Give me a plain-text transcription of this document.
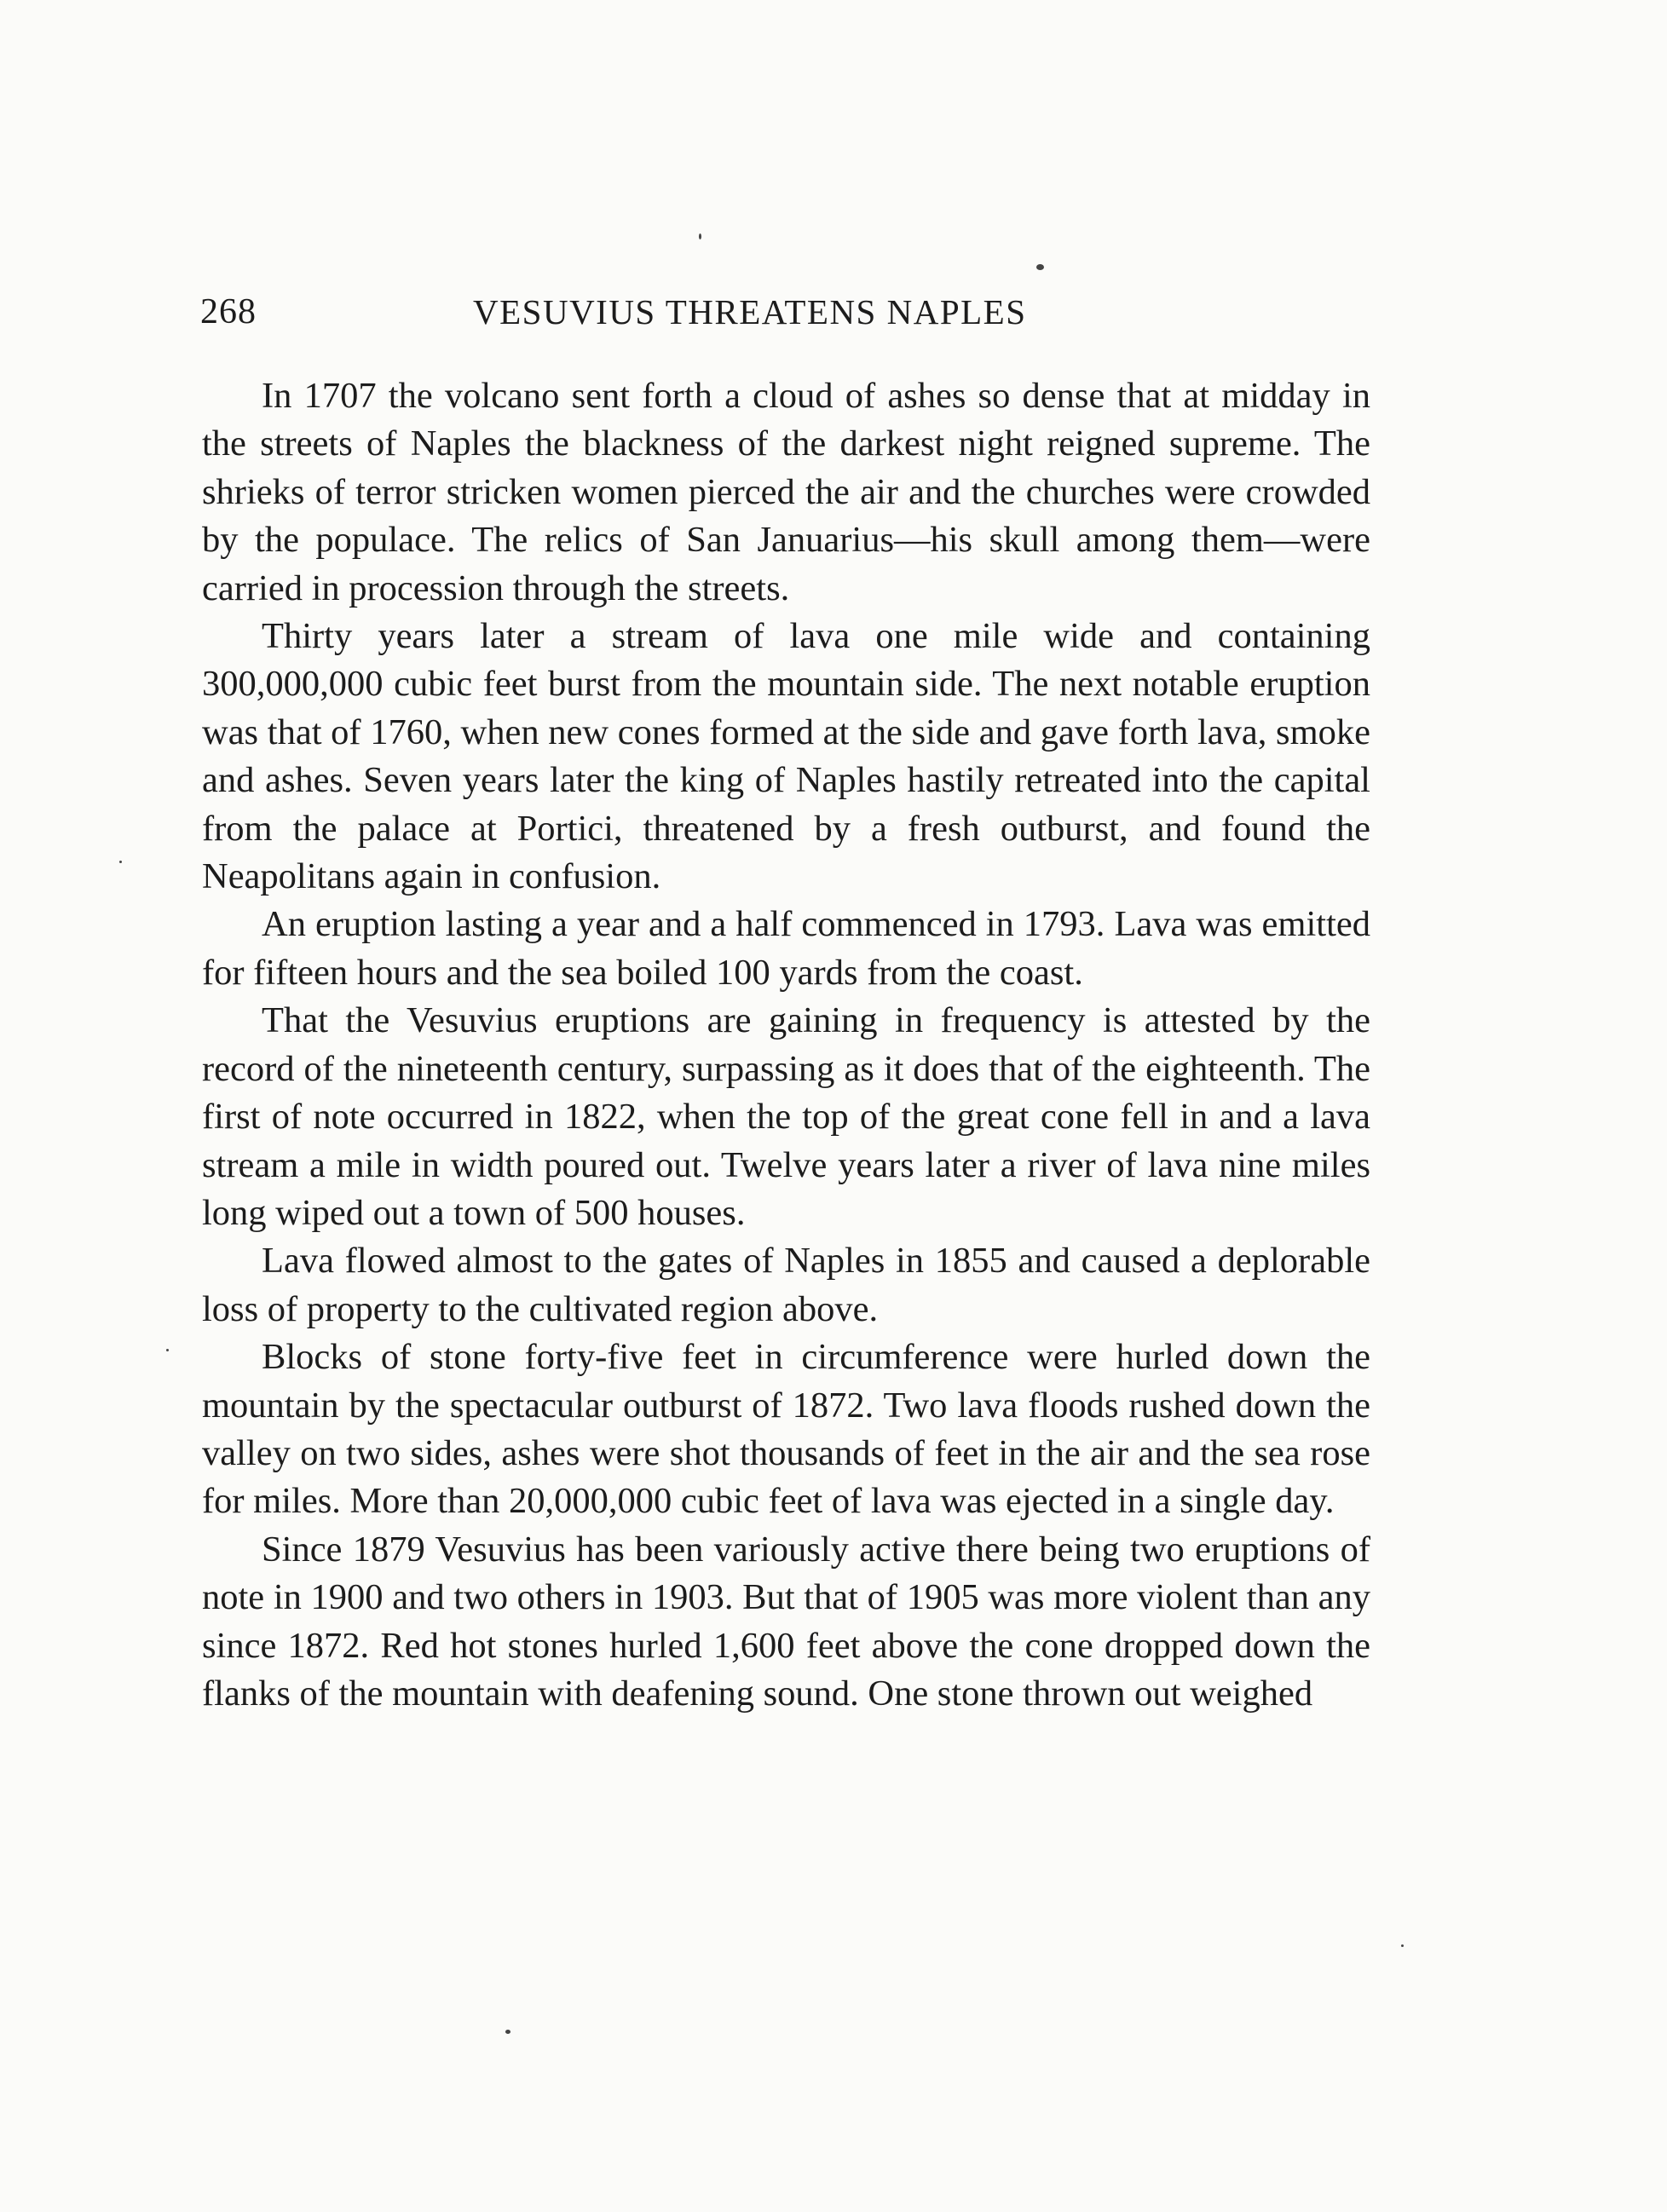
268	VESUVIUS THREATENS NAPLES

In 1707 the volcano sent forth a cloud of ashes so dense that at midday in the streets of Naples the blackness of the darkest night reigned supreme. The shrieks of terror stricken women pierced the air and the churches were crowded by the populace. The relics of San Januarius—his skull among them—were carried in procession through the streets.

Thirty years later a stream of lava one mile wide and containing 300,000,000 cubic feet burst from the mountain side. The next notable eruption was that of 1760, when new cones formed at the side and gave forth lava, smoke and ashes. Seven years later the king of Naples hastily retreated into the capital from the palace at Portici, threatened by a fresh outburst, and found the Neapolitans again in confusion.

An eruption lasting a year and a half commenced in 1793. Lava was emitted for fifteen hours and the sea boiled 100 yards from the coast.

That the Vesuvius eruptions are gaining in frequency is attested by the record of the nineteenth century, surpassing as it does that of the eighteenth. The first of note occurred in 1822, when the top of the great cone fell in and a lava stream a mile in width poured out. Twelve years later a river of lava nine miles long wiped out a town of 500 houses.

Lava flowed almost to the gates of Naples in 1855 and caused a deplorable loss of property to the cultivated region above.

Blocks of stone forty-five feet in circumference were hurled down the mountain by the spectacular outburst of 1872. Two lava floods rushed down the valley on two sides, ashes were shot thousands of feet in the air and the sea rose for miles. More than 20,000,000 cubic feet of lava was ejected in a single day.

Since 1879 Vesuvius has been variously active there being two eruptions of note in 1900 and two others in 1903. But that of 1905 was more violent than any since 1872. Red hot stones hurled 1,600 feet above the cone dropped down the flanks of the mountain with deafening sound. One stone thrown out weighed
